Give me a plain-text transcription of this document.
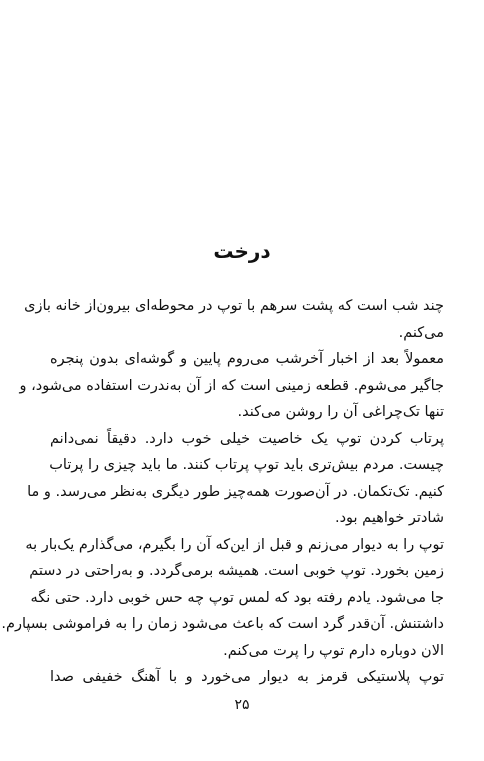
درخت
چند شب است که پشت سرهم با توپ در محوطه‌ای بیرون‌از خانه بازی
می‌کنم.
معمولاً بعد از اخبار آخرشب می‌روم پایین و گوشه‌ای بدون پنجره
جاگیر می‌شوم. قطعه زمینی است که از آن به‌ندرت استفاده می‌شود، و
تنها تک‌چراغی آن را روشن می‌کند.
پرتاب کردن توپ یک خاصیت خیلی خوب دارد. دقیقاً نمی‌دانم
چیست. مردم بیش‌تری باید توپ پرتاب کنند. ما باید چیزی را پرتاب
کنیم. تک‌تکمان. در آن‌صورت همه‌چیز طور دیگری به‌نظر می‌رسد. و ما
شادتر خواهیم بود.
توپ را به دیوار می‌زنم و قبل از این‌که آن را بگیرم، می‌گذارم یک‌بار به
زمین بخورد. توپ خوبی است. همیشه برمی‌گردد. و به‌راحتی در دستم
جا می‌شود. یادم رفته بود که لمس توپ چه حس خوبی دارد. حتی نگه
داشتنش. آن‌قدر گرد است که باعث می‌شود زمان را به فراموشی بسپارم.
الان دوباره دارم توپ را پرت می‌کنم.
توپ پلاستیکی قرمز به دیوار می‌خورد و با آهنگ خفیفی صدا
۲۵
